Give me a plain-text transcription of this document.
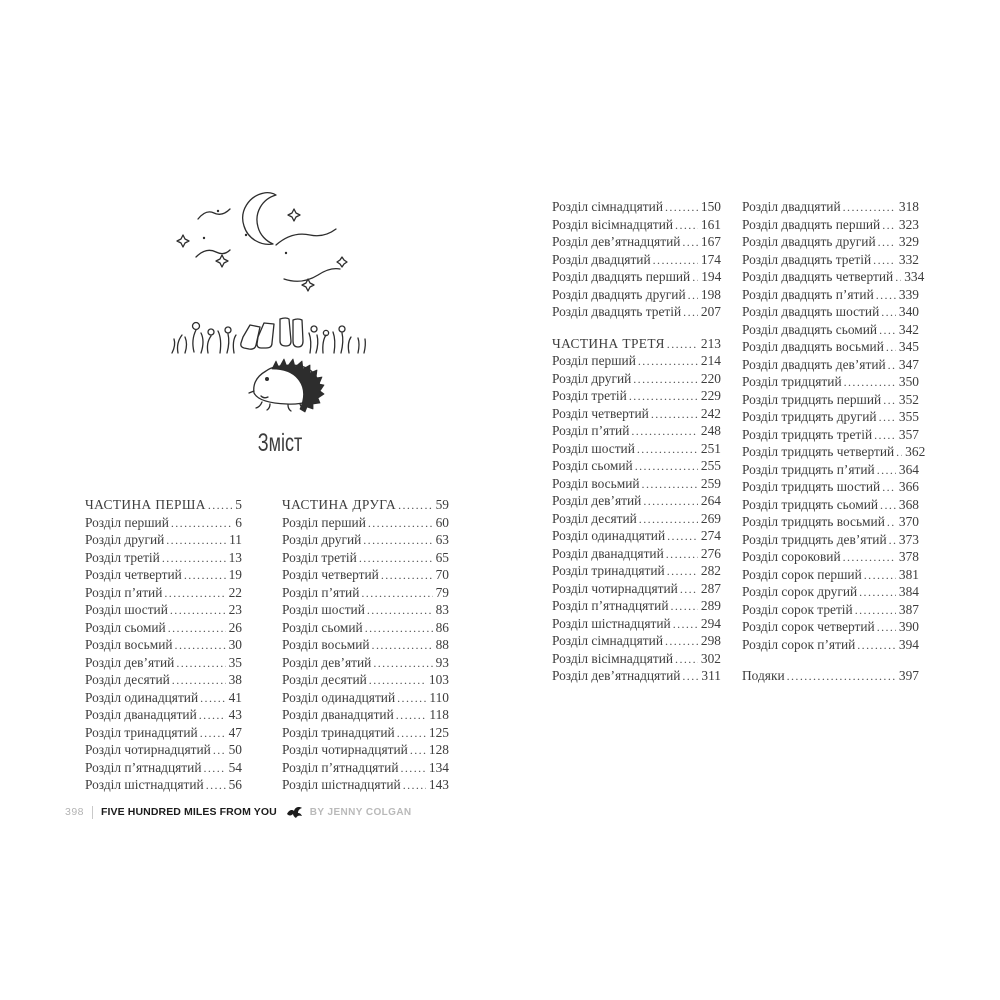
Зміст
ЧАСТИНА ПЕРША ..... 5
Розділ перший .....	6
Розділ другий .....	11
Розділ третій .....	13
Розділ четвертий .....	19
Розділ п’ятий .....	22
Розділ шостий .....	23
Розділ сьомий .....	26
Розділ восьмий .....	30
Розділ дев’ятий .....	35
Розділ десятий .....	38
Розділ одинадцятий ..... 41
Розділ дванадцятий ..... 43
Розділ тринадцятий ..... 47
Розділ чотирнадцятий ..... 50
Розділ п’ятнадцятий ..... 54
Розділ шістнадцятий ..... 56
ЧАСТИНА ДРУГА .....	59
Розділ перший .....	60
Розділ другий .....	63
Розділ третій .....	65
Розділ четвертий .....	70
Розділ п’ятий .....	79
Розділ шостий .....	83
Розділ сьомий .....	86
Розділ восьмий .....	88
Розділ дев’ятий .....	93
Розділ десятий .....	103
Розділ одинадцятий .....	110
Розділ дванадцятий .....	118
Розділ тринадцятий .....	125
Розділ чотирнадцятий ..... 128
Розділ п’ятнадцятий ..... 134
Розділ шістнадцятий ..... 143
Розділ сімнадцятий .....	150
Розділ вісімнадцятий ..... 161
Розділ дев’ятнадцятий ..... 167
Розділ двадцятий .....	174
Розділ двадцять перший ..... 194
Розділ двадцять другий ..... 198
Розділ двадцять третій ..... 207
ЧАСТИНА ТРЕТЯ .....	213
Розділ перший .....	214
Розділ другий .....	220
Розділ третій .....	229
Розділ четвертий .....	242
Розділ п’ятий .....	248
Розділ шостий .....	251
Розділ сьомий .....	255
Розділ восьмий .....	259
Розділ дев’ятий .....	264
Розділ десятий .....	269
Розділ одинадцятий .....	274
Розділ дванадцятий .....	276
Розділ тринадцятий .....	282
Розділ чотирнадцятий ..... 287
Розділ п’ятнадцятий ..... 289
Розділ шістнадцятий ..... 294
Розділ сімнадцятий .....	298
Розділ вісімнадцятий ..... 302
Розділ дев’ятнадцятий ..... 311
Розділ двадцятий .....	318
Розділ двадцять перший ..... 323
Розділ двадцять другий ..... 329
Розділ двадцять третій ..... 332
Розділ двадцять четвертий ..... 334
Розділ двадцять п’ятий ..... 339
Розділ двадцять шостий ..... 340
Розділ двадцять сьомий ..... 342
Розділ двадцять восьмий ..... 345
Розділ двадцять дев’ятий ..... 347
Розділ тридцятий .....	350
Розділ тридцять перший ..... 352
Розділ тридцять другий ..... 355
Розділ тридцять третій ..... 357
Розділ тридцять четвертий ..... 362
Розділ тридцять п’ятий ..... 364
Розділ тридцять шостий ..... 366
Розділ тридцять сьомий ..... 368
Розділ тридцять восьмий ..... 370
Розділ тридцять дев’ятий ..... 373
Розділ сороковий .....	378
Розділ сорок перший .....	381
Розділ сорок другий .....	384
Розділ сорок третій .....	387
Розділ сорок четвертий ..... 390
Розділ сорок п’ятий .....	394
Подяки .....	397
398 FIVE HUNDRED MILES FROM YOU	BY JENNY COLGAN
